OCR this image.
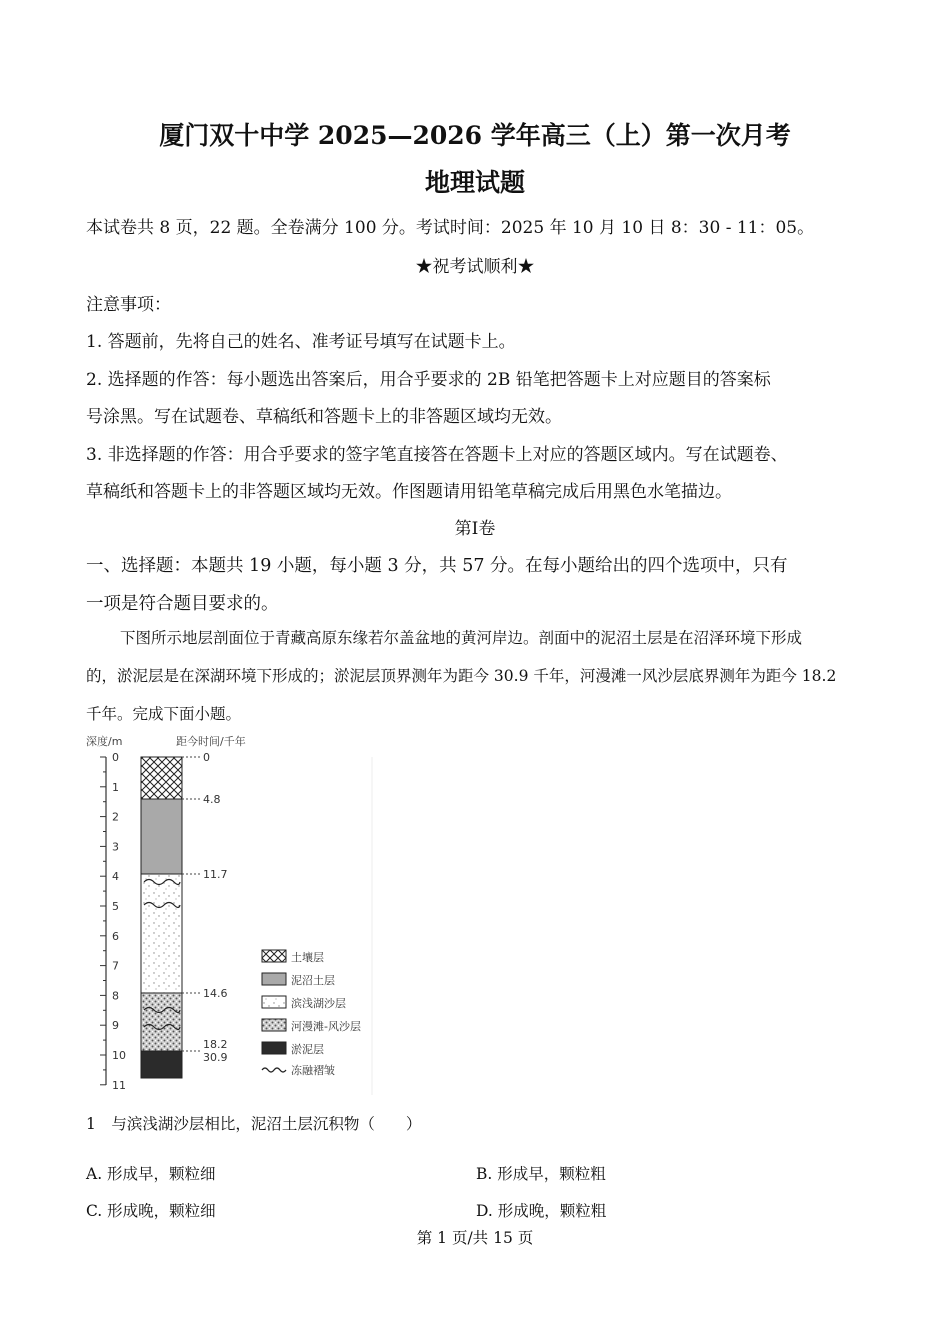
厦门双十中学 2025—2026 学年高三（上）第一次月考
地理试题
本试卷共 8 页，22 题。全卷满分 100 分。考试时间：2025 年 10 月 10 日 8：30 - 11：05。
★祝考试顺利★
注意事项：
1. 答题前，先将自己的姓名、准考证号填写在试题卡上。
2. 选择题的作答：每小题选出答案后，用合乎要求的 2B 铅笔把答题卡上对应题目的答案标
号涂黑。写在试题卷、草稿纸和答题卡上的非答题区域均无效。
3. 非选择题的作答：用合乎要求的签字笔直接答在答题卡上对应的答题区域内。写在试题卷、
草稿纸和答题卡上的非答题区域均无效。作图题请用铅笔草稿完成后用黑色水笔描边。
第Ⅰ卷
一、选择题：本题共 19 小题，每小题 3 分，共 57 分。在每小题给出的四个选项中，只有
一项是符合题目要求的。
下图所示地层剖面位于青藏高原东缘若尔盖盆地的黄河岸边。剖面中的泥沼土层是在沼泽环境下形成
的，淤泥层是在深湖环境下形成的；淤泥层顶界测年为距今 30.9 千年，河漫滩一风沙层底界测年为距今 18.2
千年。完成下面小题。
深度/m	距今时间/千年
0
1
2
3
4
5
6
7
8
9
10
11
0
4.8
11.7
14.6
18.2
30.9
土壤层
泥沼土层
滨浅湖沙层
河漫滩-风沙层
淤泥层
冻融褶皱
1　与滨浅湖沙层相比，泥沼土层沉积物（　　）
A. 形成早，颗粒细	B. 形成早，颗粒粗
C. 形成晚，颗粒细	D. 形成晚，颗粒粗
第 1 页/共 15 页
